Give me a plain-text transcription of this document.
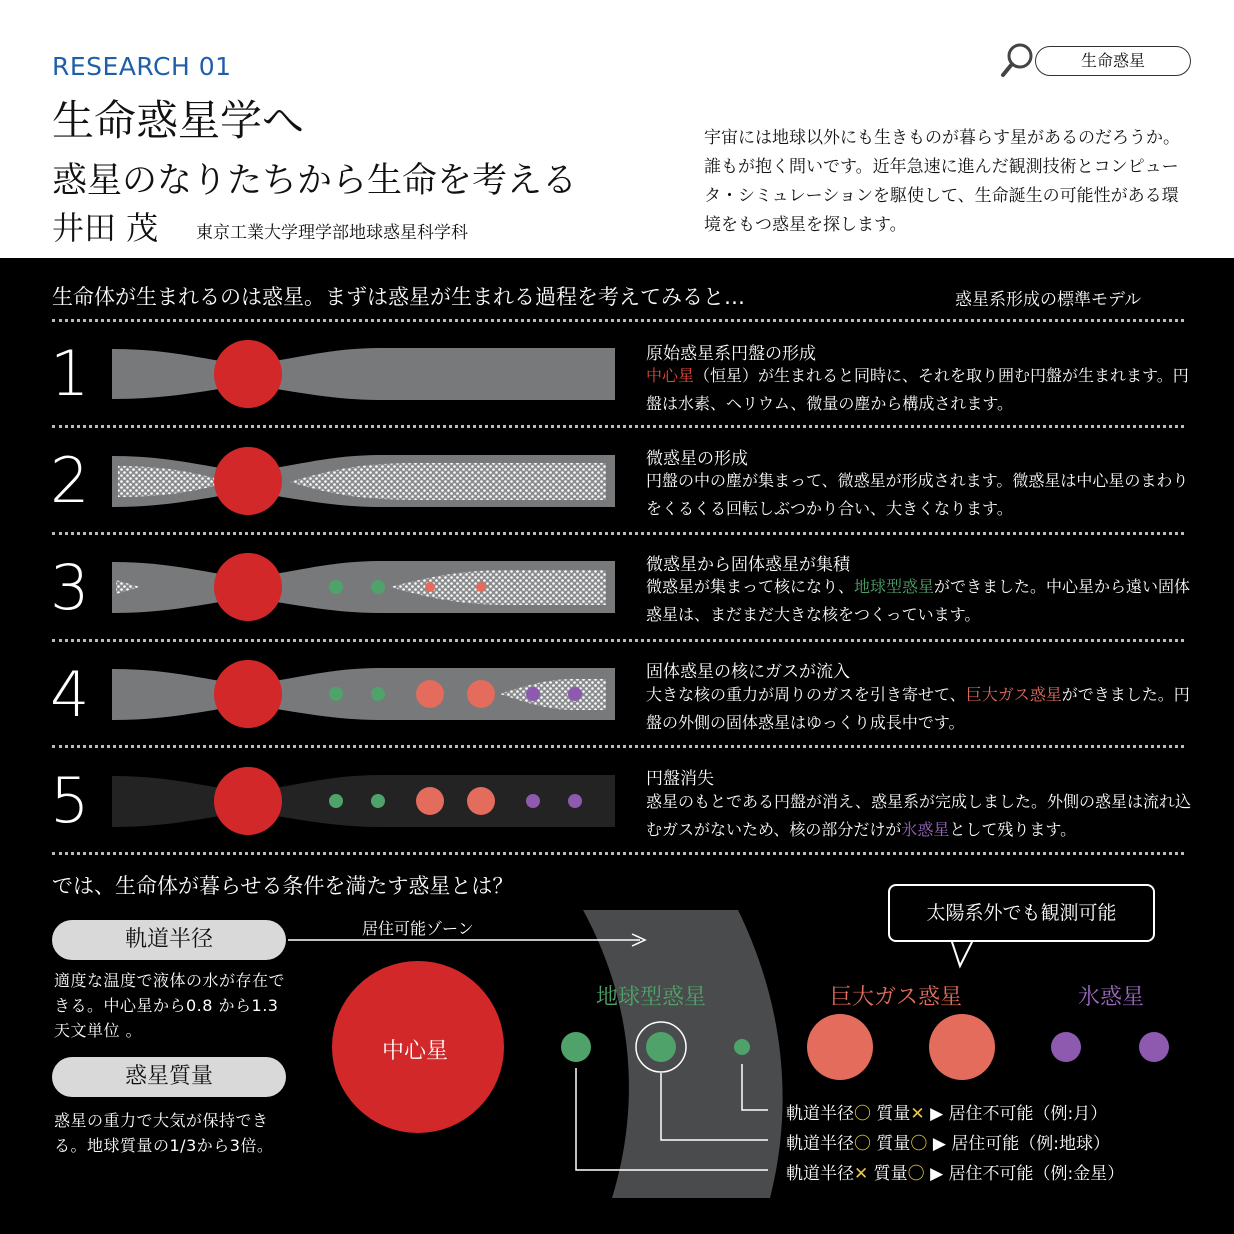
RESEARCH 01
生命惑星学へ
惑星のなりたちから生命を考える
井田 茂 東京工業大学理学部地球惑星科学科
宇宙には地球以外にも生きものが暮らす星があるのだろうか。誰もが抱く問いです。近年急速に進んだ観測技術とコンピュータ・シミュレーションを駆使して、生命誕生の可能性がある環境をもつ惑星を探します。
生命惑星
生命体が生まれるのは惑星。まずは惑星が生まれる過程を考えてみると…	惑星系形成の標準モデル
太陽系外でも観測可能
1
2
3
4
5
原始惑星系円盤の形成
中心星（恒星）が生まれると同時に、それを取り囲む円盤が生まれます。円盤は水素、ヘリウム、微量の塵から構成されます。
微惑星の形成
円盤の中の塵が集まって、微惑星が形成されます。微惑星は中心星のまわりをくるくる回転しぶつかり合い、大きくなります。
微惑星から固体惑星が集積
微惑星が集まって核になり、地球型惑星ができました。中心星から遠い固体惑星は、まだまだ大きな核をつくっています。
固体惑星の核にガスが流入
大きな核の重力が周りのガスを引き寄せて、巨大ガス惑星ができました。円盤の外側の固体惑星はゆっくり成長中です。
円盤消失
惑星のもとである円盤が消え、惑星系が完成しました。外側の惑星は流れ込むガスがないため、核の部分だけが氷惑星として残ります。
では、生命体が暮らせる条件を満たす惑星とは？
軌道半径
適度な温度で液体の水が存在できる。中心星から0.8 から1.3天文単位 。
惑星質量
惑星の重力で大気が保持できる。地球質量の1/3から3倍。
居住可能ゾーン
中心星
地球型惑星	巨大ガス惑星	氷惑星
軌道半径〇 質量✕ ▶ 居住不可能（例:月）
軌道半径〇 質量〇 ▶ 居住可能（例:地球）
軌道半径✕ 質量〇 ▶ 居住不可能（例:金星）
